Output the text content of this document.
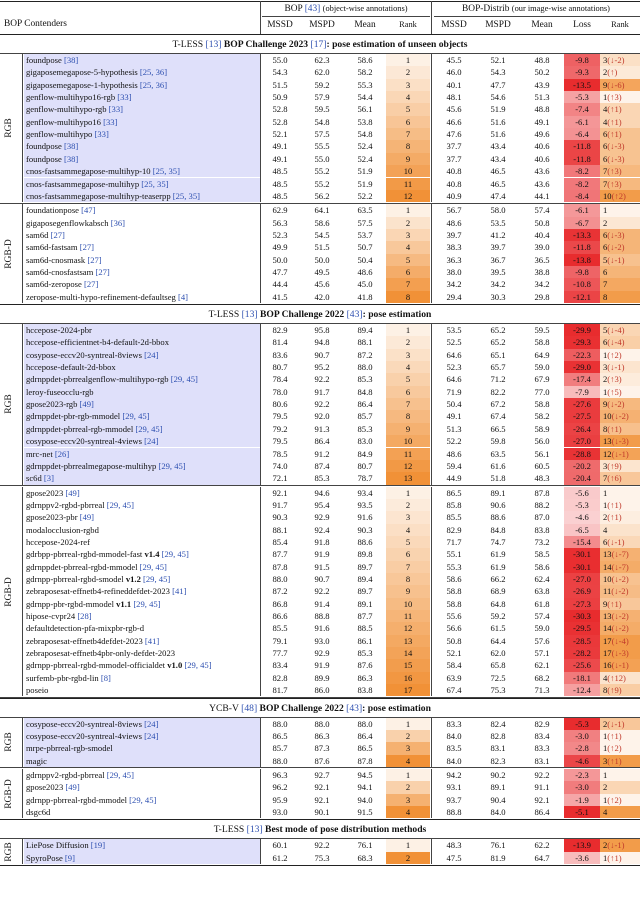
BOP Contenders
BOP [43] (object-wise annotations)	BOP-Distrib (our image-wise annotations)
MSSD	MSPD	Mean	Rank	MSSD	MSPD	Mean	Loss	Rank
T-LESS [13] BOP Challenge 2023 [17]: pose estimation of unseen objects
foundpose [38]	55.0	62.3	58.6	1	45.5	52.1	48.8	-9.8	3(↓-2)
gigaposemegapose-5-hypothesis [25, 36]	54.3	62.0	58.2	2	46.0	54.3	50.2	-9.3	2(↑)
gigaposemegapose-1-hypothesis [25, 36]	51.5	59.2	55.3	3	40.1	47.7	43.9	-13.5	9(↓-6)
genflow-multihypo16-rgb [33]	50.9	57.9	54.4	4	48.1	54.6	51.3	-5.3	1(↑3)
genflow-multihypo-rgb [33]	52.8	59.5	56.1	5	45.6	51.9	48.8	-7.4	4(↑1)
genflow-multihypo16 [33]	52.8	54.8	53.8	6	46.6	51.6	49.1	-6.1	4(↑1)
genflow-multihypo [33]	52.1	57.5	54.8	7	47.6	51.6	49.6	-6.4	6(↑1)
foundpose [38]	49.1	55.5	52.4	8	37.7	43.4	40.6	-11.8	6(↓-3)
foundpose [38]	49.1	55.0	52.4	9	37.7	43.4	40.6	-11.8	6(↓-3)
cnos-fastsammegapose-multihyp-10 [25, 35]	48.5	55.2	51.9	10	40.8	46.5	43.6	-8.2	7(↑3)
cnos-fastsammegapose-multihyp [25, 35]	48.5	55.2	51.9	11	40.8	46.5	43.6	-8.2	7(↑3)
cnos-fastsammegapose-multihyp-teaserpp [25, 35]	48.5	56.2	52.2	12	40.9	47.4	44.1	-8.4	10(↑2)
RGB
foundationpose [47]	62.9	64.1	63.5	1	56.7	58.0	57.4	-6.1	1
gigaposegenflowkabsch [36]	56.3	58.6	57.5	2	48.6	53.5	50.8	-6.7	2
sam6d [27]	52.3	54.5	53.7	3	39.7	41.2	40.4	-13.3	6(↓-3)
sam6d-fastsam [27]	49.9	51.5	50.7	4	38.3	39.7	39.0	-11.8	6(↓-2)
sam6d-cnosmask [27]	50.0	50.0	50.4	5	36.3	36.7	36.5	-13.8	5(↓-1)
sam6d-cnosfastsam [27]	47.7	49.5	48.6	6	38.0	39.5	38.8	-9.8	6
sam6d-zeropose [27]	44.4	45.6	45.0	7	34.2	34.2	34.2	-10.8	7
zeropose-multi-hypo-refinement-defaultseg [4]	41.5	42.0	41.8	8	29.4	30.3	29.8	-12.1	8
RGB-D
T-LESS [13] BOP Challenge 2022 [43]: pose estimation
hccepose-2024-pbr	82.9	95.8	89.4	1	53.5	65.2	59.5	-29.9	5(↓-4)
hccepose-efficientnet-b4-default-2d-bbox	81.4	94.8	88.1	2	52.5	65.2	58.8	-29.3	6(↓-4)
cosypose-eccv20-syntreal-8views [24]	83.6	90.7	87.2	3	64.6	65.1	64.9	-22.3	1(↑2)
hccepose-default-2d-bbox	80.7	95.2	88.0	4	52.3	65.7	59.0	-29.0	3(↓-1)
gdrnppdet-pbrrealgenflow-multihypo-rgb [29, 45]	78.4	92.2	85.3	5	64.6	71.2	67.9	-17.4	2(↑3)
leroy-fuseocclu-rgb	78.0	91.7	84.8	6	71.9	82.2	77.0	-7.9	1(↑5)
gpose2023-rgb [49]	80.6	92.2	86.4	7	50.4	67.2	58.8	-27.6	9(↓-2)
gdrnppdet-pbr-rgb-mmodel [29, 45]	79.5	92.0	85.7	8	49.1	67.4	58.2	-27.5	10(↓-2)
gdrnppdet-pbrreal-rgb-mmodel [29, 45]	79.2	91.3	85.3	9	51.3	66.5	58.9	-26.4	8(↑1)
cosypose-eccv20-syntreal-4views [24]	79.5	86.4	83.0	10	52.2	59.8	56.0	-27.0	13(↓-3)
mrc-net [26]	78.5	91.2	84.9	11	48.6	63.5	56.1	-28.8	12(↓-1)
gdrnppdet-pbrrealmegapose-multihyp [29, 45]	74.0	87.4	80.7	12	59.4	61.6	60.5	-20.2	3(↑9)
sc6d [3]	72.1	85.3	78.7	13	44.9	51.8	48.3	-20.4	7(↑6)
RGB
gpose2023 [49]	92.1	94.6	93.4	1	86.5	89.1	87.8	-5.6	1
gdrnppv2-rgbd-pbrreal [29, 45]	91.7	95.4	93.5	2	85.8	90.6	88.2	-5.3	1(↑1)
gpose2023-pbr [49]	90.3	92.9	91.6	3	85.5	88.6	87.0	-4.6	2(↑1)
modalocclusion-rgbd	88.1	92.4	90.3	4	82.9	84.8	83.8	-6.5	4
hccepose-2024-ref	85.4	91.8	88.6	5	71.7	74.7	73.2	-15.4	6(↓-1)
gdrbpp-pbrreal-rgbd-mmodel-fast v1.4 [29, 45]	87.7	91.9	89.8	6	55.1	61.9	58.5	-30.1	13(↓-7)
gdrnppdet-pbrreal-rgbd-mmodel [29, 45]	87.8	91.5	89.7	7	55.3	61.9	58.6	-30.1	14(↓-7)
gdrnpp-pbrreal-rgbd-smodel v1.2 [29, 45]	88.0	90.7	89.4	8	58.6	66.2	62.4	-27.0	10(↓-2)
zebraposesat-effnetb4-refineddefdet-2023 [41]	87.2	92.2	89.7	9	58.8	68.9	63.8	-26.9	11(↓-2)
gdrnpp-pbr-rgbd-mmodel v1.1 [29, 45]	86.8	91.4	89.1	10	58.8	64.8	61.8	-27.3	9(↑1)
hipose-cvpr24 [28]	86.6	88.8	87.7	11	55.6	59.2	57.4	-30.3	13(↓-2)
defaultdetection-pfa-mixpbr-rgb-d	85.5	91.6	88.5	12	56.6	61.5	59.0	-29.5	14(↓-2)
zebraposesat-effnetb4defdet-2023 [41]	79.1	93.0	86.1	13	50.8	64.4	57.6	-28.5	17(↓-4)
zebraposesat-effnetb4pbr-only-defdet-2023	77.7	92.9	85.3	14	52.1	62.0	57.1	-28.2	17(↓-3)
gdrnpp-pbrreal-rgbd-mmodel-officialdet v1.0 [29, 45]	83.4	91.9	87.6	15	58.4	65.8	62.1	-25.6	16(↓-1)
surfemb-pbr-rgbd-lin [8]	82.8	89.9	86.3	16	63.9	72.5	68.2	-18.1	4(↑12)
poseio	81.7	86.0	83.8	17	67.4	75.3	71.3	-12.4	8(↑9)
RGB-D
YCB-V [48] BOP Challenge 2022 [43]: pose estimation
cosypose-eccv20-syntreal-8views [24]	88.0	88.0	88.0	1	83.3	82.4	82.9	-5.3	2(↓-1)
cosypose-eccv20-syntreal-4views [24]	86.5	86.3	86.4	2	84.0	82.8	83.4	-3.0	1(↑1)
mrpe-pbrreal-rgb-smodel	85.7	87.3	86.5	3	83.5	83.1	83.3	-2.8	1(↑2)
magic	88.0	87.6	87.8	4	84.0	82.3	83.1	-4.6	3(↑1)
RGB
gdrnppv2-rgbd-pbrreal [29, 45]	96.3	92.7	94.5	1	94.2	90.2	92.2	-2.3	1
gpose2023 [49]	96.2	92.1	94.1	2	93.1	89.1	91.1	-3.0	2
gdrnpp-pbrreal-rgbd-mmodel [29, 45]	95.9	92.1	94.0	3	93.7	90.4	92.1	-1.9	1(↑2)
dsgc6d	93.0	90.1	91.5	4	88.8	84.0	86.4	-5.1	4
RGB-D
T-LESS [13] Best mode of pose distribution methods
LiePose Diffusion [19]	60.1	92.2	76.1	1	48.3	76.1	62.2	-13.9	2(↓-1)
SpyroPose [9]	61.2	75.3	68.3	2	47.5	81.9	64.7	-3.6	1(↑1)
RGB
